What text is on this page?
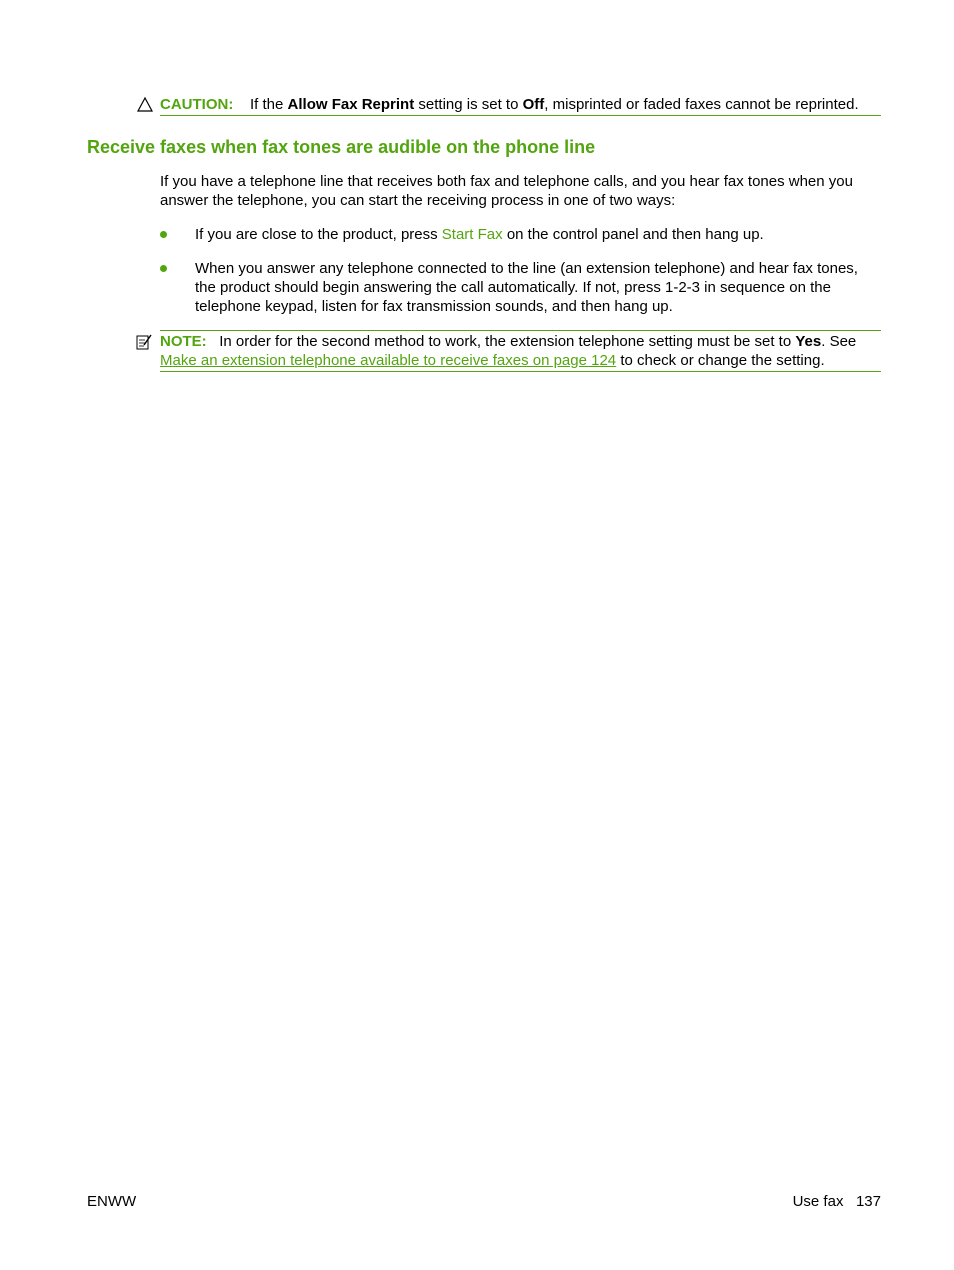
CAUTION: If the Allow Fax Reprint setting is set to Off, misprinted or faded faxes cannot be reprinted.
Receive faxes when fax tones are audible on the phone line

If you have a telephone line that receives both fax and telephone calls, and you hear fax tones when you answer the telephone, you can start the receiving process in one of two ways:

If you are close to the product, press Start Fax on the control panel and then hang up.
When you answer any telephone connected to the line (an extension telephone) and hear fax tones, the product should begin answering the call automatically. If not, press 1-2-3 in sequence on the telephone keypad, listen for fax transmission sounds, and then hang up.
NOTE: In order for the second method to work, the extension telephone setting must be set to Yes. See Make an extension telephone available to receive faxes on page 124 to check or change the setting.
ENWW	Use fax 137
